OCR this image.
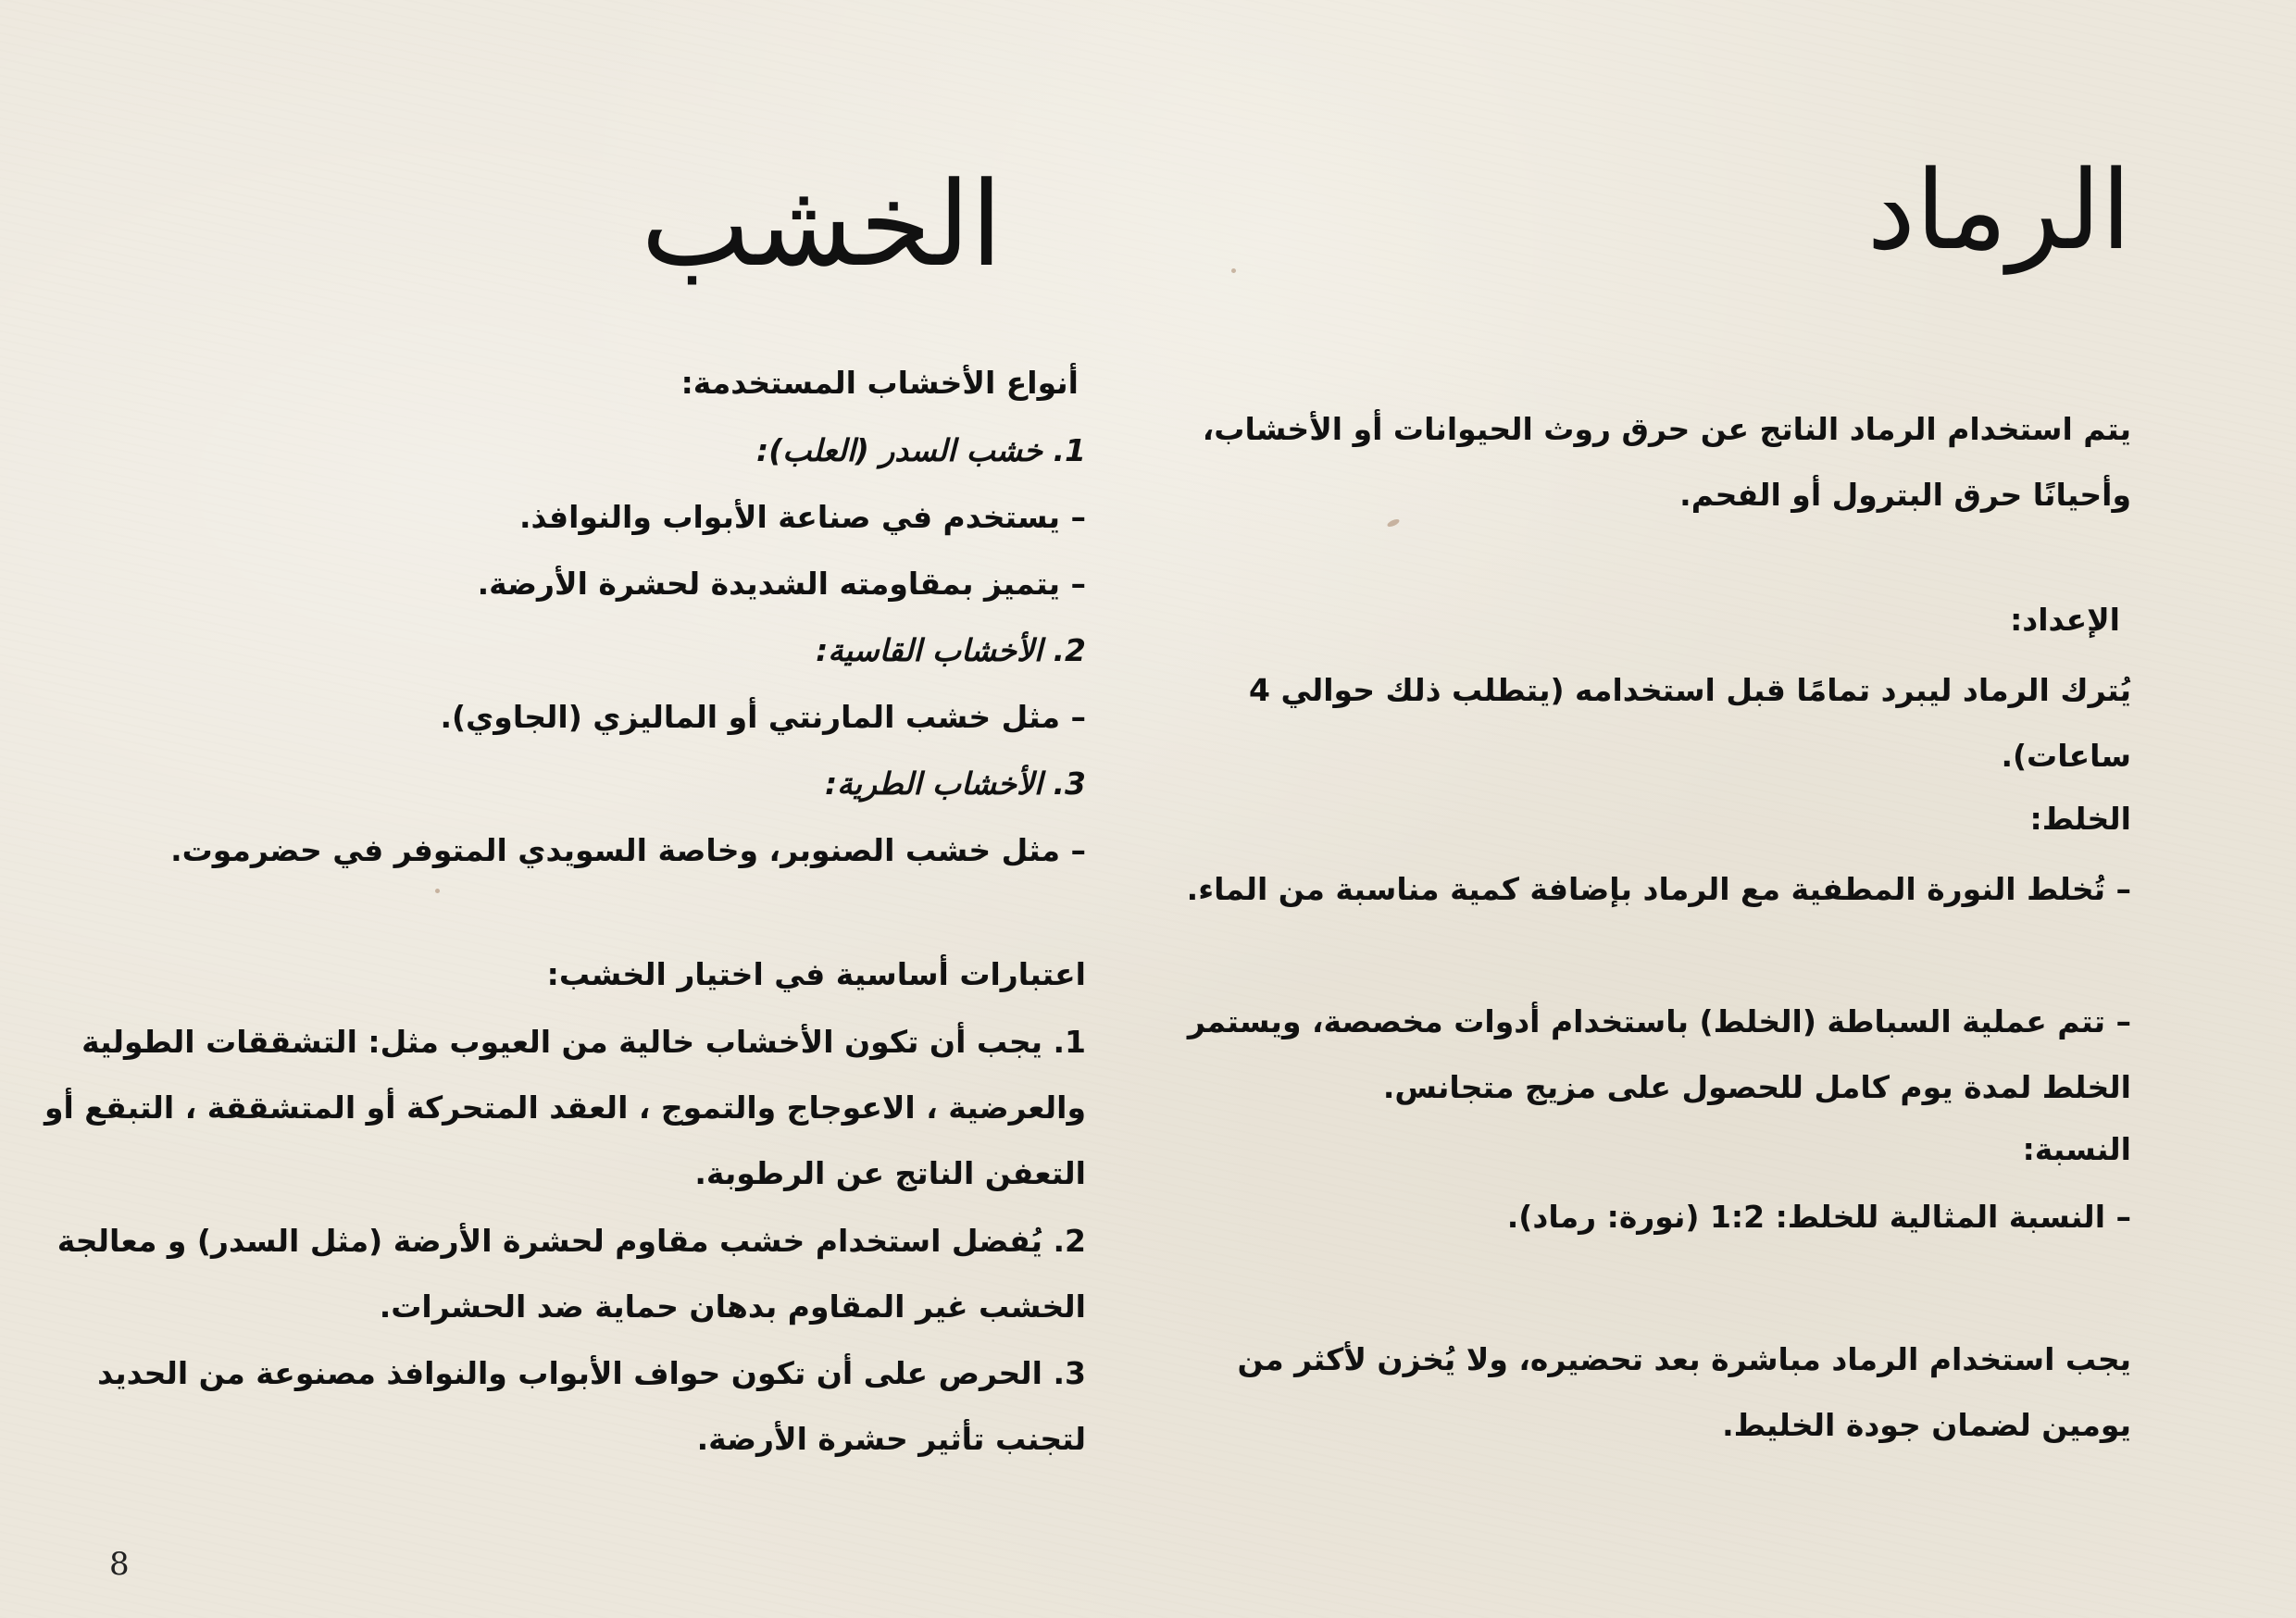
الرماد
يتم استخدام الرماد الناتج عن حرق روث الحيوانات أو الأخشاب، وأحيانًا حرق البترول أو الفحم.
الإعداد:
يُترك الرماد ليبرد تمامًا قبل استخدامه (يتطلب ذلك حوالي 4 ساعات).
الخلط:
– تُخلط النورة المطفية مع الرماد بإضافة كمية مناسبة من الماء.
– تتم عملية السباطة (الخلط) باستخدام أدوات مخصصة، ويستمر الخلط لمدة يوم كامل للحصول على مزيج متجانس.
النسبة:
– النسبة المثالية للخلط: 1:2 (نورة: رماد).
يجب استخدام الرماد مباشرة بعد تحضيره، ولا يُخزن لأكثر من يومين لضمان جودة الخليط.
الخشب
أنواع الأخشاب المستخدمة:
1. خشب السدر (العلب):
– يستخدم في صناعة الأبواب والنوافذ.
– يتميز بمقاومته الشديدة لحشرة الأرضة.
2. الأخشاب القاسية:
– مثل خشب المارنتي أو الماليزي (الجاوي).
3. الأخشاب الطرية:
– مثل خشب الصنوبر، وخاصة السويدي المتوفر في حضرموت.
اعتبارات أساسية في اختيار الخشب:
1. يجب أن تكون الأخشاب خالية من العيوب مثل: التشققات الطولية والعرضية ، الاعوجاج والتموج ، العقد المتحركة أو المتشققة ، التبقع أو التعفن الناتج عن الرطوبة.
2. يُفضل استخدام خشب مقاوم لحشرة الأرضة (مثل السدر) و معالجة الخشب غير المقاوم بدهان حماية ضد الحشرات.
3. الحرص على أن تكون حواف الأبواب والنوافذ مصنوعة من الحديد لتجنب تأثير حشرة الأرضة.
8
